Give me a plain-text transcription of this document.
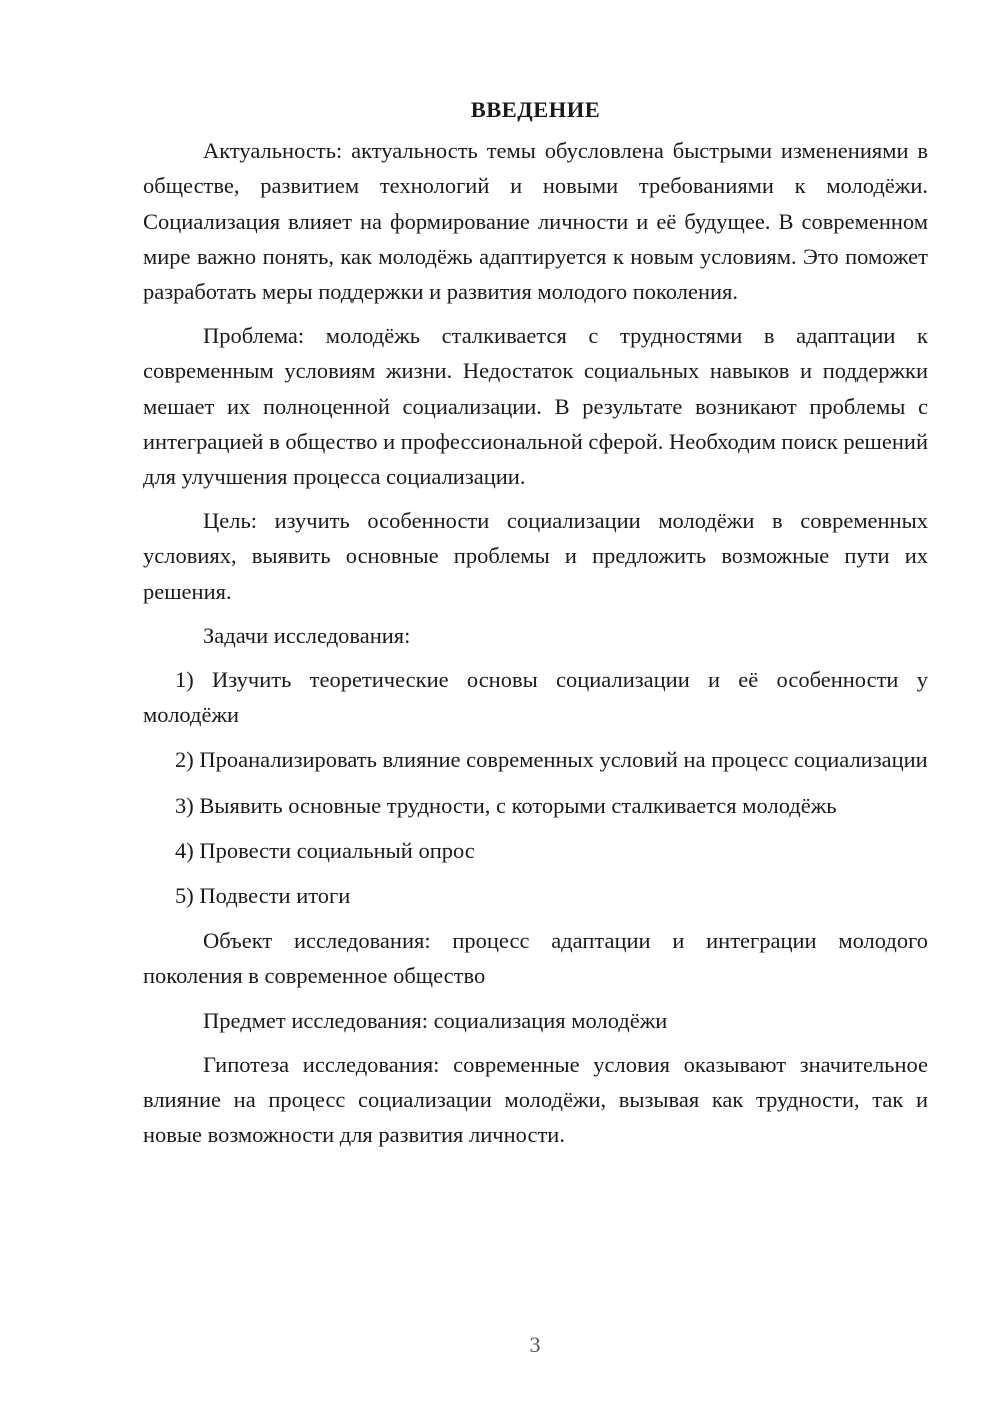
ВВЕДЕНИЕ

Актуальность: актуальность темы обусловлена быстрыми изменениями в обществе, развитием технологий и новыми требованиями к молодёжи. Социализация влияет на формирование личности и её будущее. В современном мире важно понять, как молодёжь адаптируется к новым условиям. Это поможет разработать меры поддержки и развития молодого поколения.

Проблема: молодёжь сталкивается с трудностями в адаптации к современным условиям жизни. Недостаток социальных навыков и поддержки мешает их полноценной социализации. В результате возникают проблемы с интеграцией в общество и профессиональной сферой. Необходим поиск решений для улучшения процесса социализации.

Цель: изучить особенности социализации молодёжи в современных условиях, выявить основные проблемы и предложить возможные пути их решения.

Задачи исследования:

1) Изучить теоретические основы социализации и её особенности у молодёжи

2) Проанализировать влияние современных условий на процесс социализации

3) Выявить основные трудности, с которыми сталкивается молодёжь

4) Провести социальный опрос

5) Подвести итоги

Объект исследования: процесс адаптации и интеграции молодого поколения в современное общество

Предмет исследования: социализация молодёжи

Гипотеза исследования: современные условия оказывают значительное влияние на процесс социализации молодёжи, вызывая как трудности, так и новые возможности для развития личности.

3
